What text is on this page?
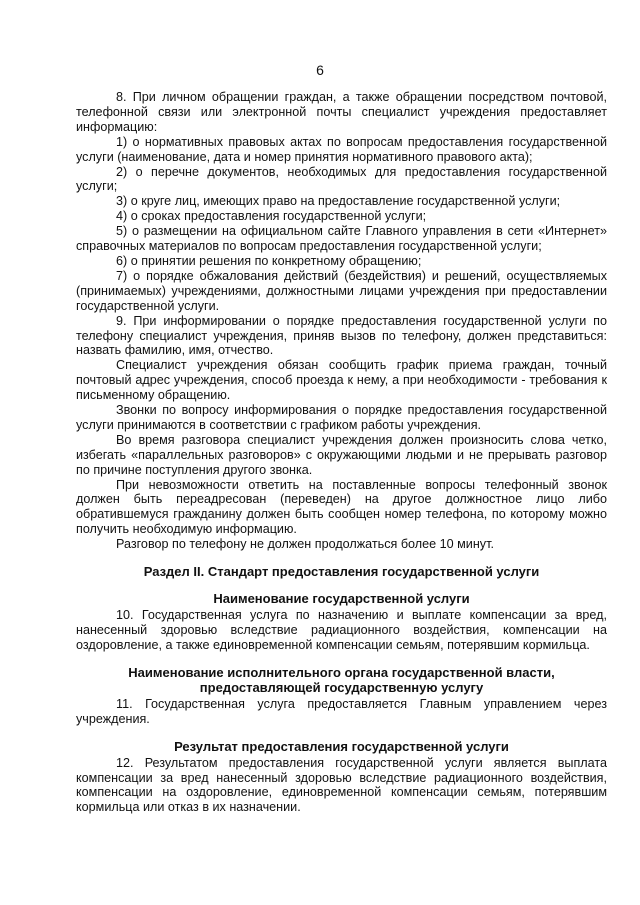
6

8. При личном обращении граждан, а также обращении посредством почтовой, телефонной связи или электронной почты специалист учреждения предоставляет информацию:

1) о нормативных правовых актах по вопросам предоставления государственной услуги (наименование, дата и номер принятия нормативного правового акта);

2) о перечне документов, необходимых для предоставления государственной услуги;

3) о круге лиц, имеющих право на предоставление государственной услуги;

4) о сроках предоставления государственной услуги;

5) о размещении на официальном сайте Главного управления в сети «Интернет» справочных материалов по вопросам предоставления государственной услуги;

6) о принятии решения по конкретному обращению;

7) о порядке обжалования действий (бездействия) и решений, осуществляемых (принимаемых) учреждениями, должностными лицами учреждения при предоставлении государственной услуги.

9. При информировании о порядке предоставления государственной услуги по телефону специалист учреждения, приняв вызов по телефону, должен представиться: назвать фамилию, имя, отчество.

Специалист учреждения обязан сообщить график приема граждан, точный почтовый адрес учреждения, способ проезда к нему, а при необходимости - требования к письменному обращению.

Звонки по вопросу информирования о порядке предоставления государственной услуги принимаются в соответствии с графиком работы учреждения.

Во время разговора специалист учреждения должен произносить слова четко, избегать «параллельных разговоров» с окружающими людьми и не прерывать разговор по причине поступления другого звонка.

При невозможности ответить на поставленные вопросы телефонный звонок должен быть переадресован (переведен) на другое должностное лицо либо обратившемуся гражданину должен быть сообщен номер телефона, по которому можно получить необходимую информацию.

Разговор по телефону не должен продолжаться более 10 минут.

Раздел II. Стандарт предоставления государственной услуги
Наименование государственной услуги

10. Государственная услуга по назначению и выплате компенсации за вред, нанесенный здоровью вследствие радиационного воздействия, компенсации на оздоровление, а также единовременной компенсации семьям, потерявшим кормильца.

Наименование исполнительного органа государственной власти,
предоставляющей государственную услугу

11. Государственная услуга предоставляется Главным управлением через учреждения.

Результат предоставления государственной услуги

12. Результатом предоставления государственной услуги является выплата компенсации за вред нанесенный здоровью вследствие радиационного воздействия, компенсации на оздоровление, единовременной компенсации семьям, потерявшим кормильца или отказ в их назначении.
